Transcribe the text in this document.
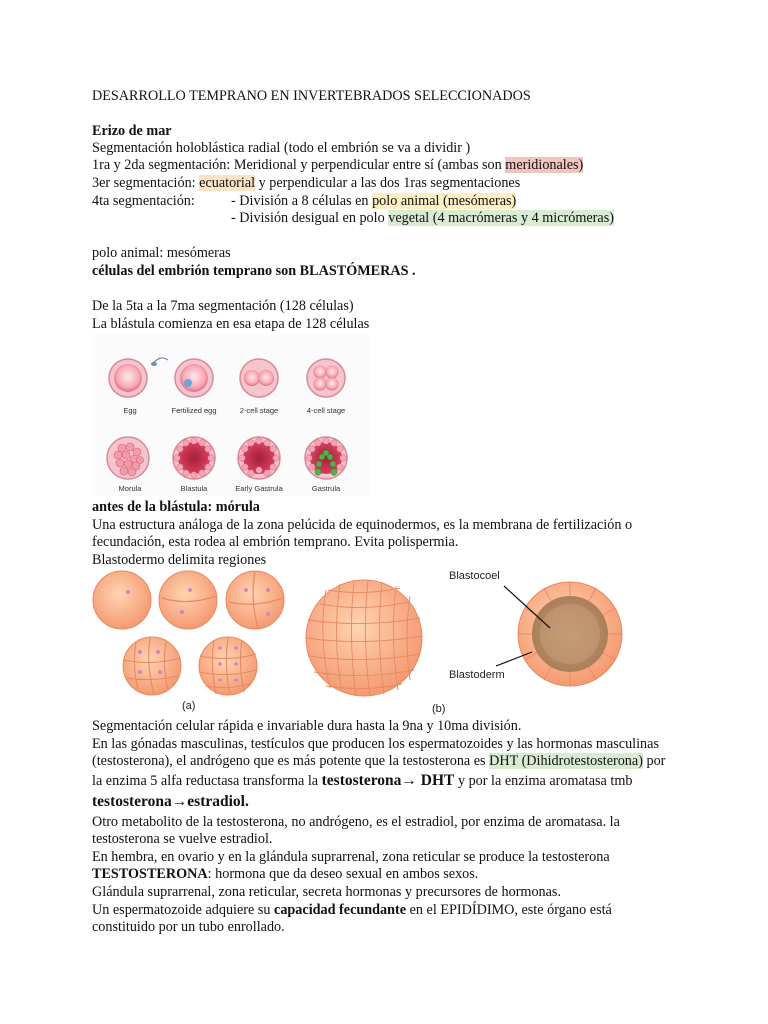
DESARROLLO TEMPRANO EN INVERTEBRADOS SELECCIONADOS
Erizo de mar
Segmentación holoblástica radial (todo el embrión se va a dividir )
1ra y 2da segmentación: Meridional y perpendicular entre sí (ambas son meridionales)
3er segmentación: ecuatorial y perpendicular a las dos 1ras segmentaciones
4ta segmentación:	- División a 8 células en polo animal (mesómeras)
- División desigual en polo vegetal (4 macrómeras y 4 micrómeras)
polo animal: mesómeras
células del embrión temprano son BLASTÓMERAS .
De la 5ta a la 7ma segmentación (128 células)
La blástula comienza en esa etapa de 128 células
antes de la blástula: mórula
Una estructura análoga de la zona pelúcida de equinodermos, es la membrana de fertilización o
fecundación, esta rodea al embrión temprano. Evita polispermia.
Blastodermo delimita regiones
Segmentación celular rápida e invariable dura hasta la 9na y 10ma división.
En las gónadas masculinas, testículos que producen los espermatozoides y las hormonas masculinas
(testosterona), el andrógeno que es más potente que la testosterona es DHT (Dihidrotestosterona) por
la enzima 5 alfa reductasa transforma la testosterona→ DHT y por la enzima aromatasa tmb
testosterona→estradiol.
Otro metabolito de la testosterona, no andrógeno, es el estradiol, por enzima de aromatasa. la
testosterona se vuelve estradiol.
En hembra, en ovario y en la glándula suprarrenal, zona reticular se produce la testosterona
TESTOSTERONA: hormona que da deseo sexual en ambos sexos.
Glándula suprarrenal, zona reticular, secreta hormonas y precursores de hormonas.
Un espermatozoide adquiere su capacidad fecundante en el EPIDÍDIMO, este órgano está
constituido por un tubo enrollado.
Egg	Fertilized egg	2-cell stage	4-cell stage
Morula	Blastula	Early Gastrula	Gastrula
Blastocoel
Blastoderm
(a)	(b)
